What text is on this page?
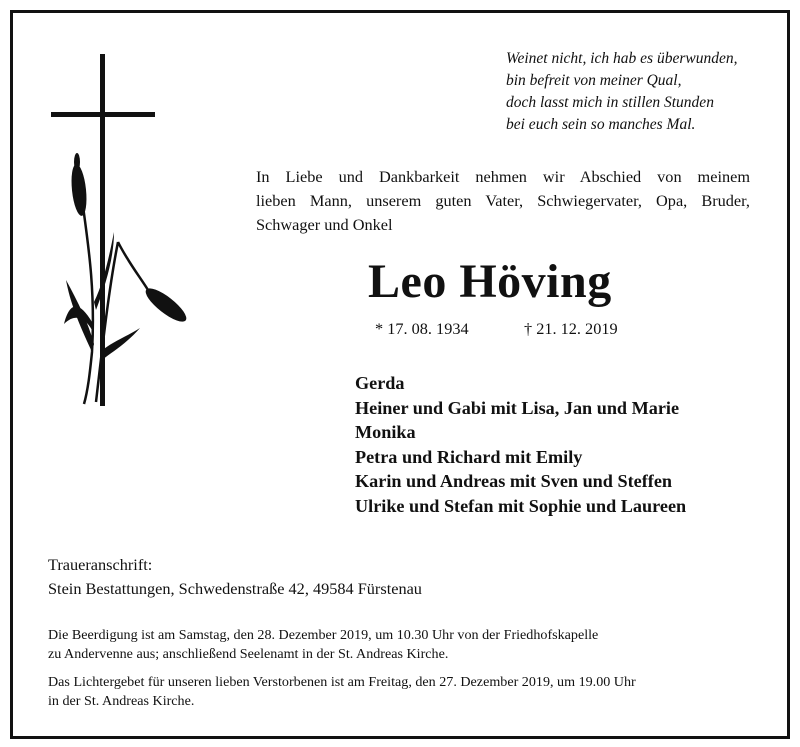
Weinet nicht, ich hab es überwunden,
bin befreit von meiner Qual,
doch lasst mich in stillen Stunden
bei euch sein so manches Mal.
In Liebe und Dankbarkeit nehmen wir Abschied von meinem
lieben Mann, unserem guten Vater, Schwiegervater, Opa, Bruder,
Schwager und Onkel
Leo Höving
* 17. 08. 1934	† 21. 12. 2019
Gerda
Heiner und Gabi mit Lisa, Jan und Marie
Monika
Petra und Richard mit Emily
Karin und Andreas mit Sven und Steffen
Ulrike und Stefan mit Sophie und Laureen
Traueranschrift:
Stein Bestattungen, Schwedenstraße 42, 49584 Fürstenau
Die Beerdigung ist am Samstag, den 28. Dezember 2019, um 10.30 Uhr von der Friedhofskapelle
zu Andervenne aus; anschließend Seelenamt in der St. Andreas Kirche.
Das Lichtergebet für unseren lieben Verstorbenen ist am Freitag, den 27. Dezember 2019, um 19.00 Uhr
in der St. Andreas Kirche.
